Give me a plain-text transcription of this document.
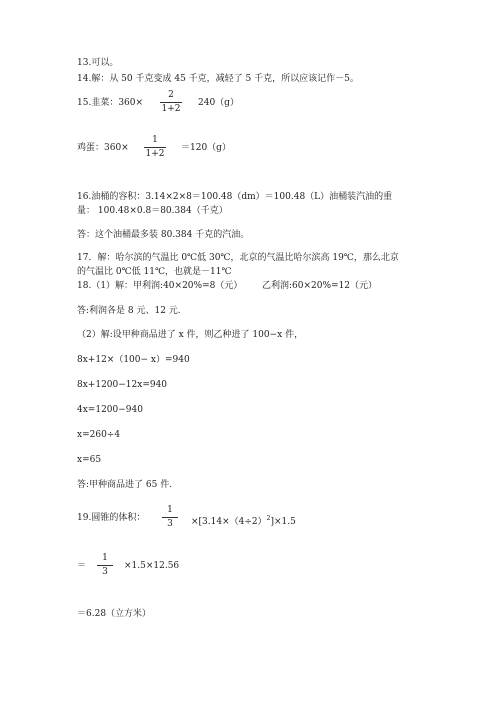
13.可以。
14.解：从 50 千克变成 45 千克，减轻了 5 千克，所以应该记作－5。
15.韭菜：360×
2
1+2
240（g）
鸡蛋：360×
1
1+2
＝120（g）
16.油桶的容积：3.14×2×8＝100.48（dm）＝100.48（L）油桶装汽油的重
量： 100.48×0.8＝80.384（千克）
答：这个油桶最多装 80.384 千克的汽油。
17．解：哈尔滨的气温比 0℃低 30℃，北京的气温比哈尔滨高 19℃，那么北京
的气温比 0℃低 11℃，也就是－11℃
18.（1）解：甲利润:40×20%=8（元） 乙利润:60×20%=12（元）
答:利润各是 8 元、12 元.
（2）解:设甲种商品进了 x 件，则乙种进了 100−x 件，
8x+12×（100− x）=940
8x+1200−12x=940
4x=1200−940
x=260÷4
x=65
答:甲种商品进了 65 件.
19.圆锥的体积：
1
3	$\times[3.14\times(4\div 2)^2]\times 1.5$
＝
1
3
×1.5×12.56
＝6.28（立方米）
